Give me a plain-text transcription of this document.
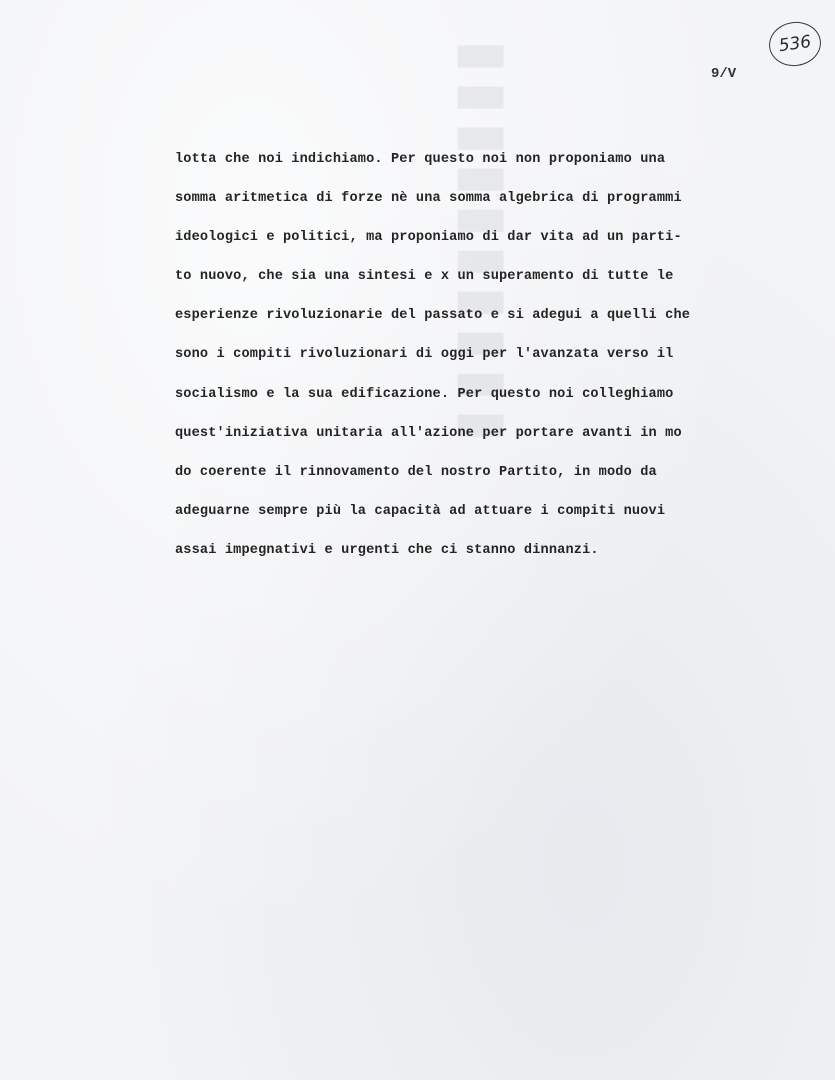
▮▮▮▮▮▮▮▮▮▮	536
9/V
lotta che noi indichiamo. Per questo noi non proponiamo una
somma aritmetica di forze nè una somma algebrica di programmi
ideologici e politici, ma proponiamo di dar vita ad un parti-
to nuovo, che sia una sintesi e x un superamento di tutte le
esperienze rivoluzionarie del passato e si adegui a quelli che
sono i compiti rivoluzionari di oggi per l'avanzata verso il
socialismo e la sua edificazione. Per questo noi colleghiamo
quest'iniziativa unitaria all'azione per portare avanti in mo
do coerente il rinnovamento del nostro Partito, in modo da
adeguarne sempre più la capacità ad attuare i compiti nuovi
assai impegnativi e urgenti che ci stanno dinnanzi.
